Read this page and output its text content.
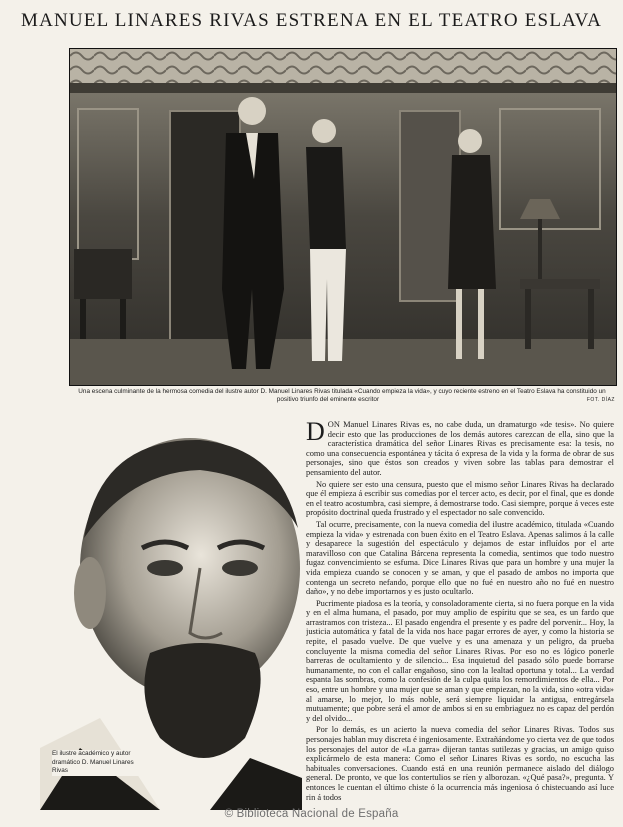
MANUEL LINARES RIVAS ESTRENA EN EL TEATRO ESLAVA
Una escena culminante de la hermosa comedia del ilustre autor D. Manuel Linares Rivas titulada «Cuando empieza la vida», y cuyo reciente estreno en el Teatro Eslava ha constituido un positivo triunfo del eminente escritor	FOT. DÍAZ
El ilustre académico y autor dramático D. Manuel Linares Rivas

DON Manuel Linares Rivas es, no cabe duda, un dramaturgo «de tesis». No quiere decir esto que las producciones de los demás autores carezcan de ella, sino que la característica dramática del señor Linares Rivas es precisamente esa: la tesis, no como una consecuencia espontánea y tácita ó expresa de la vida y la forma de obrar de sus personajes, sino que éstos son creados y viven sobre las tablas para demostrar el pensamiento del autor.

No quiere ser esto una censura, puesto que el mismo señor Linares Rivas ha declarado que él empieza á escribir sus comedias por el tercer acto, es decir, por el final, que es donde en el teatro acostumbra, casi siempre, á demostrarse todo. Casi siempre, porque á veces este propósito doctrinal queda frustrado y el espectador no sale convencido.

Tal ocurre, precisamente, con la nueva comedia del ilustre académico, titulada «Cuando empieza la vida» y estrenada con buen éxito en el Teatro Eslava. Apenas salimos á la calle y desaparece la sugestión del espectáculo y dejamos de estar influídos por el arte maravilloso con que Catalina Bárcena representa la comedia, sentimos que todo nuestro fugaz convencimiento se esfuma. Dice Linares Rivas que para un hombre y una mujer la vida empieza cuando se conocen y se aman, y que el pasado de ambos no importa que contenga un secreto nefando, porque ello que no fué en nuestro año no fué en nuestro daño», y no debe importarnos y es justo ocultarlo.

Pucrimente piadosa es la teoría, y consoladoramente cierta, si no fuera porque en la vida y en el alma humana, el pasado, por muy amplio de espíritu que se sea, es un fardo que arrastramos con tristeza... El pasado engendra el presente y es padre del porvenir... Hoy, la justicia automática y fatal de la vida nos hace pagar errores de ayer, y como la historia se repite, el pasado vuelve. De que vuelve y es una amenaza y un peligro, da prueba concluyente la misma comedia del señor Linares Rivas. Por eso no es lógico ponerle barreras de ocultamiento y de silencio... Esa inquietud del pasado sólo puede borrarse humanamente, no con el callar engañoso, sino con la lealtad oportuna y total... La verdad espanta las sombras, como la confesión de la culpa quita los remordimientos de ella... Por eso, entre un hombre y una mujer que se aman y que empiezan, no la vida, sino «otra vida» al amarse, lo mejor, lo más noble, será siempre liquidar la antigua, entregársela mutuamente; que pobre será el amor de ambos si en su embriaguez no es capaz del perdón y del olvido...

Por lo demás, es un acierto la nueva comedia del señor Linares Rivas. Todos sus personajes hablan muy discreta é ingeniosamente. Extrañándome yo cierta vez de que todos los personajes del autor de «La garra» dijeran tantas sutilezas y gracias, un amigo quiso explicármelo de esta manera: Como el señor Linares Rivas es sordo, no escucha las habituales conversaciones. Cuando está en una reunión permanece aislado del diálogo general. De pronto, ve que los contertulios se ríen y alborozan. «¿Qué pasa?», pregunta. Y entonces le cuentan el último chiste ó la ocurrencia más ingeniosa ó chistecuando así luce rin á todos

© Biblioteca Nacional de España
